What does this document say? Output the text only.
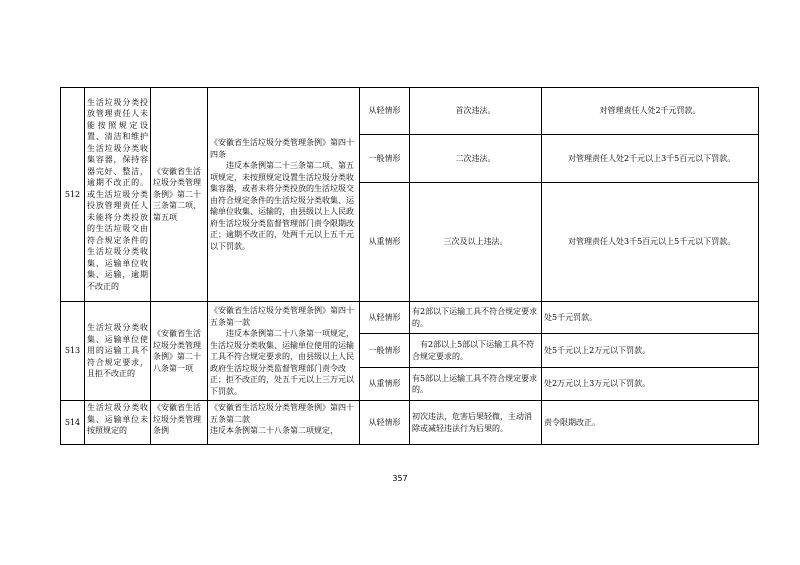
512	生活垃圾分类投放管理责任人未能按照规定设置、清洁和维护生活垃圾分类收集容器，保持容器完好、整洁，逾期不改正的。或生活垃圾分类投放管理责任人未能将分类投放的生活垃圾交由符合规定条件的生活垃圾分类收集、运输单位收集、运输，逾期不改正的	《安徽省生活垃圾分类管理条例》第二十三条第二项、第五项	《安徽省生活垃圾分类管理条例》第四十四条
违反本条例第二十三条第二项、第五项规定，未按照规定设置生活垃圾分类收集容器，或者未将分类投放的生活垃圾交由符合规定条件的生活垃圾分类收集、运输单位收集、运输的，由县级以上人民政府生活垃圾分类监督管理部门责令限期改正；逾期不改正的，处两千元以上五千元以下罚款。	从轻情形	首次违法。	对管理责任人处2千元罚款。
				一般情形	二次违法。	对管理责任人处2千元以上3千5百元以下罚款。
				从重情形	三次及以上违法。	对管理责任人处3千5百元以上5千元以下罚款。
513	生活垃圾分类收集、运输单位使用的运输工具不符合规定要求，且拒不改正的	《安徽省生活垃圾分类管理条例》第二十八条第一项	《安徽省生活垃圾分类管理条例》第四十五条第一款
违反本条例第二十八条第一项规定，生活垃圾分类收集、运输单位使用的运输工具不符合规定要求的，由县级以上人民政府生活垃圾分类监督管理部门责令改正；拒不改正的，处五千元以上三万元以下罚款。	从轻情形	有2部以下运输工具不符合规定要求的。	处5千元罚款。
				一般情形	有2部以上5部以下运输工具不符合规定要求的。	处5千元以上2万元以下罚款。
				从重情形	有5部以上运输工具不符合规定要求的。	处2万元以上3万元以下罚款。
514	生活垃圾分类收集、运输单位未按照规定的	《安徽省生活垃圾分类管理条例	《安徽省生活垃圾分类管理条例》第四十五条第二款
违反本条例第二十八条第二项规定，	从轻情形	初次违法，危害后果轻微，主动消除或减轻违法行为后果的。	责令限期改正。
357
